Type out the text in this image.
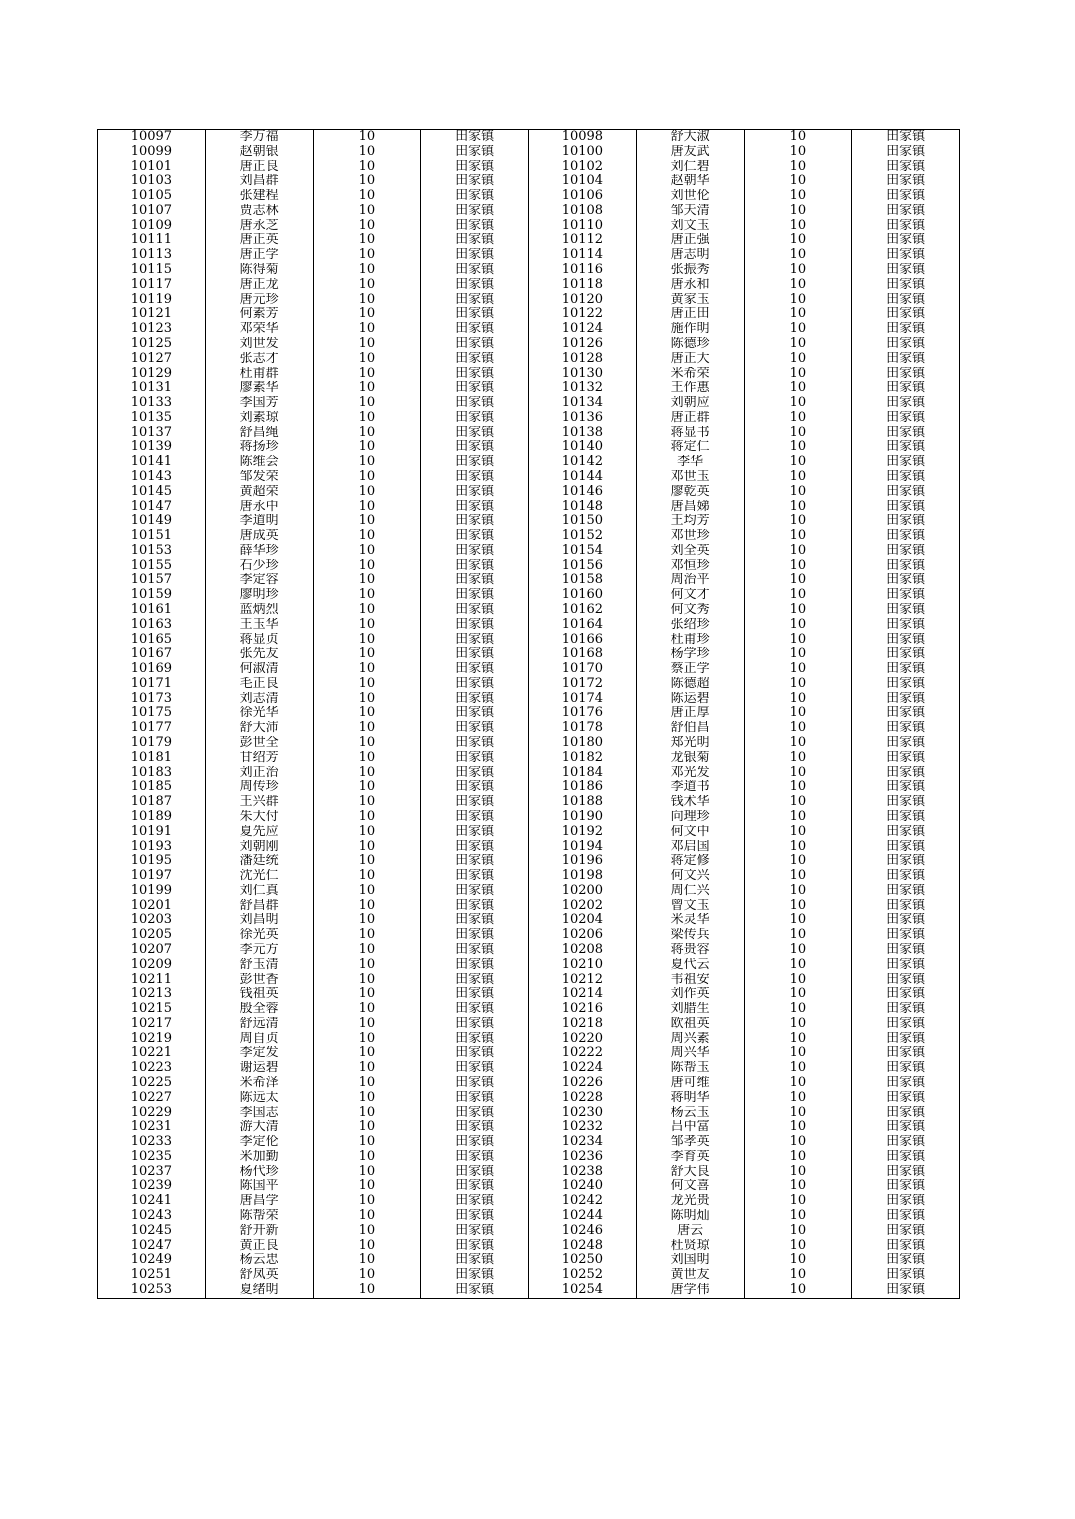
10097	李万福	10	田家镇	10098	舒大淑	10	田家镇
10099	赵朝银	10	田家镇	10100	唐友武	10	田家镇
10101	唐正良	10	田家镇	10102	刘仁碧	10	田家镇
10103	刘昌群	10	田家镇	10104	赵朝华	10	田家镇
10105	张建程	10	田家镇	10106	刘世伦	10	田家镇
10107	贾志林	10	田家镇	10108	邹天清	10	田家镇
10109	唐永芝	10	田家镇	10110	刘文玉	10	田家镇
10111	唐正英	10	田家镇	10112	唐正强	10	田家镇
10113	唐正学	10	田家镇	10114	唐志明	10	田家镇
10115	陈得菊	10	田家镇	10116	张振秀	10	田家镇
10117	唐正龙	10	田家镇	10118	唐永和	10	田家镇
10119	唐元珍	10	田家镇	10120	黄家玉	10	田家镇
10121	何素芳	10	田家镇	10122	唐正田	10	田家镇
10123	邓荣华	10	田家镇	10124	施作明	10	田家镇
10125	刘世发	10	田家镇	10126	陈德珍	10	田家镇
10127	张志才	10	田家镇	10128	唐正大	10	田家镇
10129	杜甫群	10	田家镇	10130	米希荣	10	田家镇
10131	廖素华	10	田家镇	10132	王作惠	10	田家镇
10133	李国芳	10	田家镇	10134	刘朝应	10	田家镇
10135	刘素琼	10	田家镇	10136	唐正群	10	田家镇
10137	舒昌绳	10	田家镇	10138	蒋显书	10	田家镇
10139	蒋扬珍	10	田家镇	10140	蒋定仁	10	田家镇
10141	陈维会	10	田家镇	10142	李华	10	田家镇
10143	邹发荣	10	田家镇	10144	邓世玉	10	田家镇
10145	黄超荣	10	田家镇	10146	廖乾英	10	田家镇
10147	唐永中	10	田家镇	10148	唐昌娣	10	田家镇
10149	李道明	10	田家镇	10150	王均芳	10	田家镇
10151	唐成英	10	田家镇	10152	邓世珍	10	田家镇
10153	薛华珍	10	田家镇	10154	刘全英	10	田家镇
10155	石少珍	10	田家镇	10156	邓恒珍	10	田家镇
10157	李定容	10	田家镇	10158	周治平	10	田家镇
10159	廖明珍	10	田家镇	10160	何文才	10	田家镇
10161	蓝炳烈	10	田家镇	10162	何文秀	10	田家镇
10163	王玉华	10	田家镇	10164	张绍珍	10	田家镇
10165	蒋显贞	10	田家镇	10166	杜甫珍	10	田家镇
10167	张先友	10	田家镇	10168	杨学珍	10	田家镇
10169	何淑清	10	田家镇	10170	蔡正学	10	田家镇
10171	毛正良	10	田家镇	10172	陈德超	10	田家镇
10173	刘志清	10	田家镇	10174	陈运碧	10	田家镇
10175	徐光华	10	田家镇	10176	唐正厚	10	田家镇
10177	舒大沛	10	田家镇	10178	舒伯昌	10	田家镇
10179	彭世全	10	田家镇	10180	郑光明	10	田家镇
10181	甘绍芳	10	田家镇	10182	龙银菊	10	田家镇
10183	刘正治	10	田家镇	10184	邓光发	10	田家镇
10185	周传珍	10	田家镇	10186	李道书	10	田家镇
10187	王兴群	10	田家镇	10188	钱术华	10	田家镇
10189	朱大付	10	田家镇	10190	向理珍	10	田家镇
10191	夏先应	10	田家镇	10192	何文中	10	田家镇
10193	刘朝刚	10	田家镇	10194	邓启国	10	田家镇
10195	潘廷统	10	田家镇	10196	蒋定修	10	田家镇
10197	沈光仁	10	田家镇	10198	何文兴	10	田家镇
10199	刘仁真	10	田家镇	10200	周仁兴	10	田家镇
10201	舒昌群	10	田家镇	10202	曾文玉	10	田家镇
10203	刘昌明	10	田家镇	10204	米灵华	10	田家镇
10205	徐光英	10	田家镇	10206	梁传兵	10	田家镇
10207	李元方	10	田家镇	10208	蒋贵容	10	田家镇
10209	舒玉清	10	田家镇	10210	夏代云	10	田家镇
10211	彭世香	10	田家镇	10212	韦祖安	10	田家镇
10213	钱祖英	10	田家镇	10214	刘作英	10	田家镇
10215	殷全蓉	10	田家镇	10216	刘腊生	10	田家镇
10217	舒远清	10	田家镇	10218	欧祖英	10	田家镇
10219	周自贞	10	田家镇	10220	周兴素	10	田家镇
10221	李定发	10	田家镇	10222	周兴华	10	田家镇
10223	谢运碧	10	田家镇	10224	陈帮玉	10	田家镇
10225	米希泽	10	田家镇	10226	唐可维	10	田家镇
10227	陈远太	10	田家镇	10228	蒋明华	10	田家镇
10229	李国志	10	田家镇	10230	杨云玉	10	田家镇
10231	游大清	10	田家镇	10232	吕中富	10	田家镇
10233	李定伦	10	田家镇	10234	邹孝英	10	田家镇
10235	米加勤	10	田家镇	10236	李育英	10	田家镇
10237	杨代珍	10	田家镇	10238	舒大良	10	田家镇
10239	陈国平	10	田家镇	10240	何文喜	10	田家镇
10241	唐昌学	10	田家镇	10242	龙光贵	10	田家镇
10243	陈帮荣	10	田家镇	10244	陈明灿	10	田家镇
10245	舒开新	10	田家镇	10246	唐云	10	田家镇
10247	黄正良	10	田家镇	10248	杜贤琼	10	田家镇
10249	杨云忠	10	田家镇	10250	刘国明	10	田家镇
10251	舒凤英	10	田家镇	10252	黄世友	10	田家镇
10253	夏绪明	10	田家镇	10254	唐学伟	10	田家镇
